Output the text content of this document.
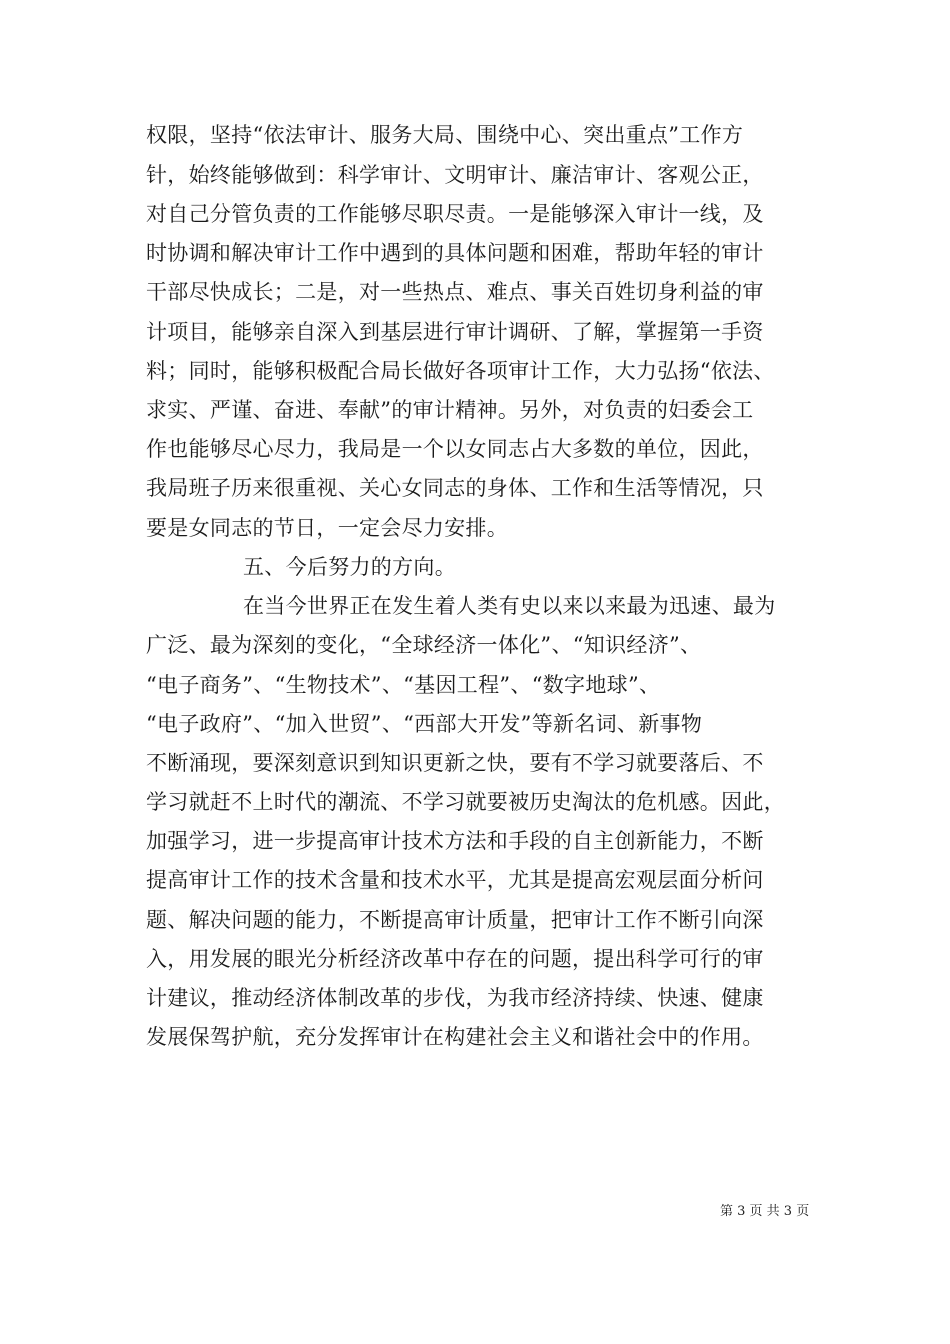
权限，坚持“依法审计、服务大局、围绕中心、突出重点”工作方
针，始终能够做到：科学审计、文明审计、廉洁审计、客观公正，
对自己分管负责的工作能够尽职尽责。一是能够深入审计一线，及
时协调和解决审计工作中遇到的具体问题和困难，帮助年轻的审计
干部尽快成长；二是，对一些热点、难点、事关百姓切身利益的审
计项目，能够亲自深入到基层进行审计调研、了解，掌握第一手资
料；同时，能够积极配合局长做好各项审计工作，大力弘扬“依法、
求实、严谨、奋进、奉献”的审计精神。另外，对负责的妇委会工
作也能够尽心尽力，我局是一个以女同志占大多数的单位，因此，
我局班子历来很重视、关心女同志的身体、工作和生活等情况，只
要是女同志的节日，一定会尽力安排。
五、今后努力的方向。
在当今世界正在发生着人类有史以来以来最为迅速、最为
广泛、最为深刻的变化，“全球经济一体化”、“知识经济”、
“电子商务”、“生物技术”、“基因工程”、“数字地球”、
“电子政府”、“加入世贸”、“西部大开发”等新名词、新事物
不断涌现，要深刻意识到知识更新之快，要有不学习就要落后、不
学习就赶不上时代的潮流、不学习就要被历史淘汰的危机感。因此，
加强学习，进一步提高审计技术方法和手段的自主创新能力，不断
提高审计工作的技术含量和技术水平，尤其是提高宏观层面分析问
题、解决问题的能力，不断提高审计质量，把审计工作不断引向深
入，用发展的眼光分析经济改革中存在的问题，提出科学可行的审
计建议，推动经济体制改革的步伐，为我市经济持续、快速、健康
发展保驾护航，充分发挥审计在构建社会主义和谐社会中的作用。
第 3 页 共 3 页
